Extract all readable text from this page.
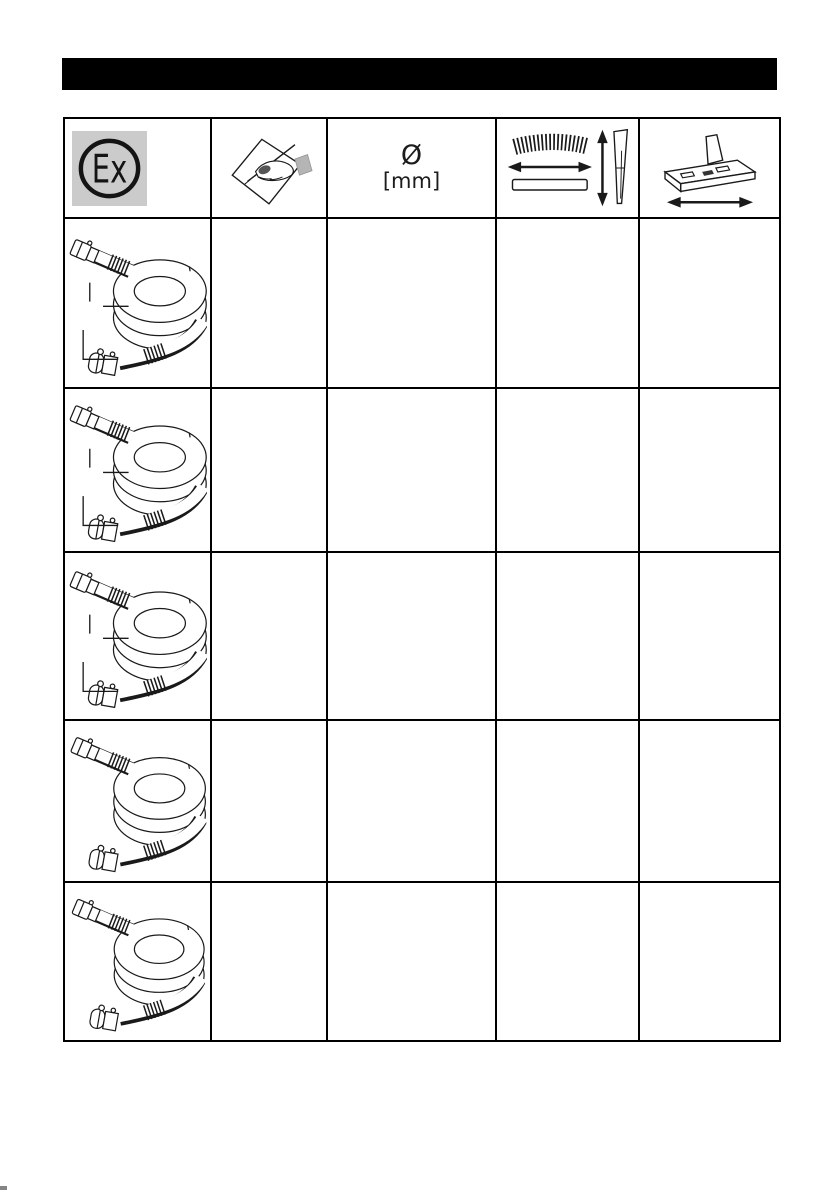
Ex	Ø
[mm]
